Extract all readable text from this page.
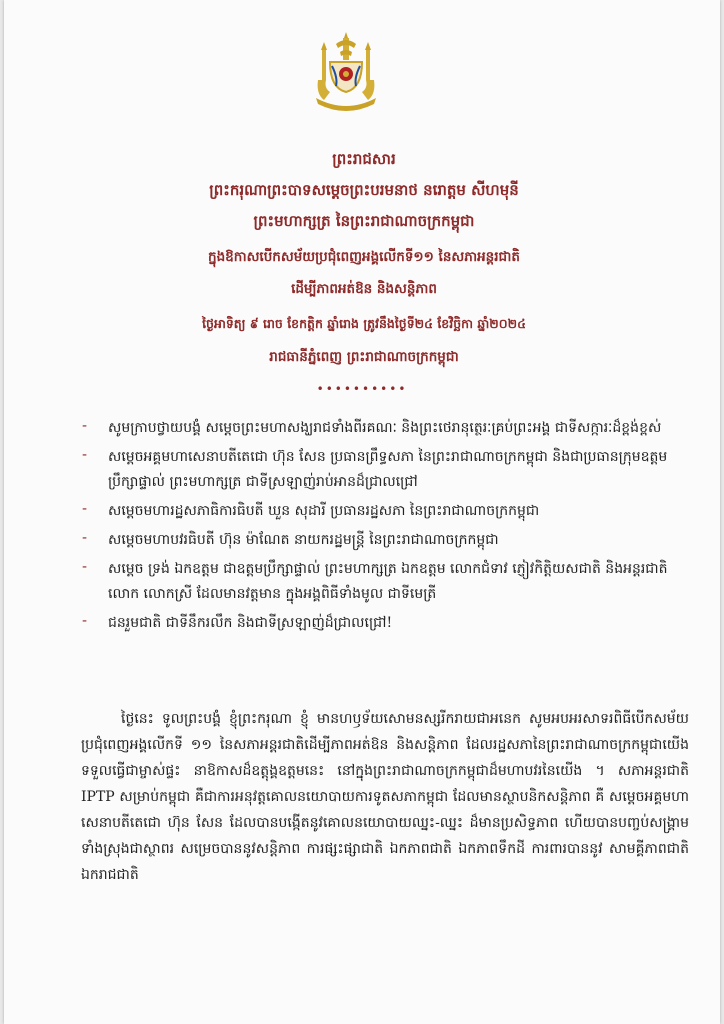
ព្រះរាជសារ
ព្រះករុណាព្រះបាទសម្តេចព្រះបរមនាថ នរោត្តម សីហមុនី
ព្រះមហាក្សត្រ នៃព្រះរាជាណាចក្រកម្ពុជា
ក្នុងឱកាសបើកសម័យប្រជុំពេញអង្គលើកទី១១ នៃសភាអន្តរជាតិ
ដើម្បីភាពអត់ឱន និងសន្តិភាព
ថ្ងៃអាទិត្យ ៩ រោច ខែកត្តិក ឆ្នាំរោង ត្រូវនឹងថ្ងៃទី២៤ ខែវិច្ឆិកា ឆ្នាំ២០២៤
រាជធានីភ្នំពេញ ព្រះរាជាណាចក្រកម្ពុជា
••••••••••
- សូមក្រាបថ្វាយបង្គំ សម្តេចព្រះមហាសង្ឃរាជទាំងពីរគណៈ និងព្រះថេរានុត្ថេរៈគ្រប់ព្រះអង្គ ជាទីសក្ការៈដ៏ខ្ពង់ខ្ពស់
- សម្តេចអគ្គមហាសេនាបតីតេជោ ហ៊ុន សែន ប្រធានព្រឹទ្ធសភា នៃព្រះរាជាណាចក្រកម្ពុជា និងជាប្រធានក្រុមឧត្តមប្រឹក្សាផ្ទាល់ ព្រះមហាក្សត្រ ជាទីស្រឡាញ់រាប់អានដ៏ជ្រាលជ្រៅ
- សម្តេចមហារដ្ឋសភាធិការធិបតី ឃួន សុដារី ប្រធានរដ្ឋសភា នៃព្រះរាជាណាចក្រកម្ពុជា
- សម្តេចមហាបវរធិបតី ហ៊ុន ម៉ាណែត នាយករដ្ឋមន្ត្រី នៃព្រះរាជាណាចក្រកម្ពុជា
- សម្តេច ទ្រង់ ឯកឧត្តម ជាឧត្តមប្រឹក្សាផ្ទាល់ ព្រះមហាក្សត្រ ឯកឧត្តម លោកជំទាវ ភ្ញៀវកិត្តិយសជាតិ និងអន្តរជាតិ លោក លោកស្រី ដែលមានវត្តមាន ក្នុងអង្គពិធីទាំងមូល ជាទីមេត្រី
- ជនរួមជាតិ ជាទីនឹករលឹក និងជាទីស្រឡាញ់ដ៏ជ្រាលជ្រៅ!
ថ្ងៃនេះ ទូលព្រះបង្គំ ខ្ញុំព្រះករុណា ខ្ញុំ មានហឫទ័យសោមនស្សរីករាយជាអនេក សូមអបអរសាទរពិធីបើកសម័យប្រជុំពេញអង្គលើកទី ១១ នៃសភាអន្តរជាតិដើម្បីភាពអត់ឱន និងសន្តិភាព ដែលរដ្ឋសភានៃព្រះរាជាណាចក្រកម្ពុជាយើង ទទួលធ្វើជាម្ចាស់ផ្ទះ នាឱកាសដ៏ឧត្តុង្គឧត្តមនេះ នៅក្នុងព្រះរាជាណាចក្រកម្ពុជាដ៏មហាបវរនៃយើង ។ សភាអន្តរជាតិ IPTP សម្រាប់កម្ពុជា គឺជាការអនុវត្តគោលនយោបាយការទូតសភាកម្ពុជា ដែលមានស្ថាបនិកសន្តិភាព គឺ សម្តេចអគ្គមហាសេនាបតីតេជោ ហ៊ុន សែន ដែលបានបង្កើតនូវគោលនយោបាយឈ្នះ-ឈ្នះ ដ៏មានប្រសិទ្ធភាព ហើយបានបញ្ចប់សង្គ្រាមទាំងស្រុងជាស្ថាពរ សម្រេចបាននូវសន្តិភាព ការផ្សះផ្សាជាតិ ឯកភាពជាតិ ឯកភាពទឹកដី ការពារបាននូវ សាមគ្គីភាពជាតិ ឯករាជជាតិ
